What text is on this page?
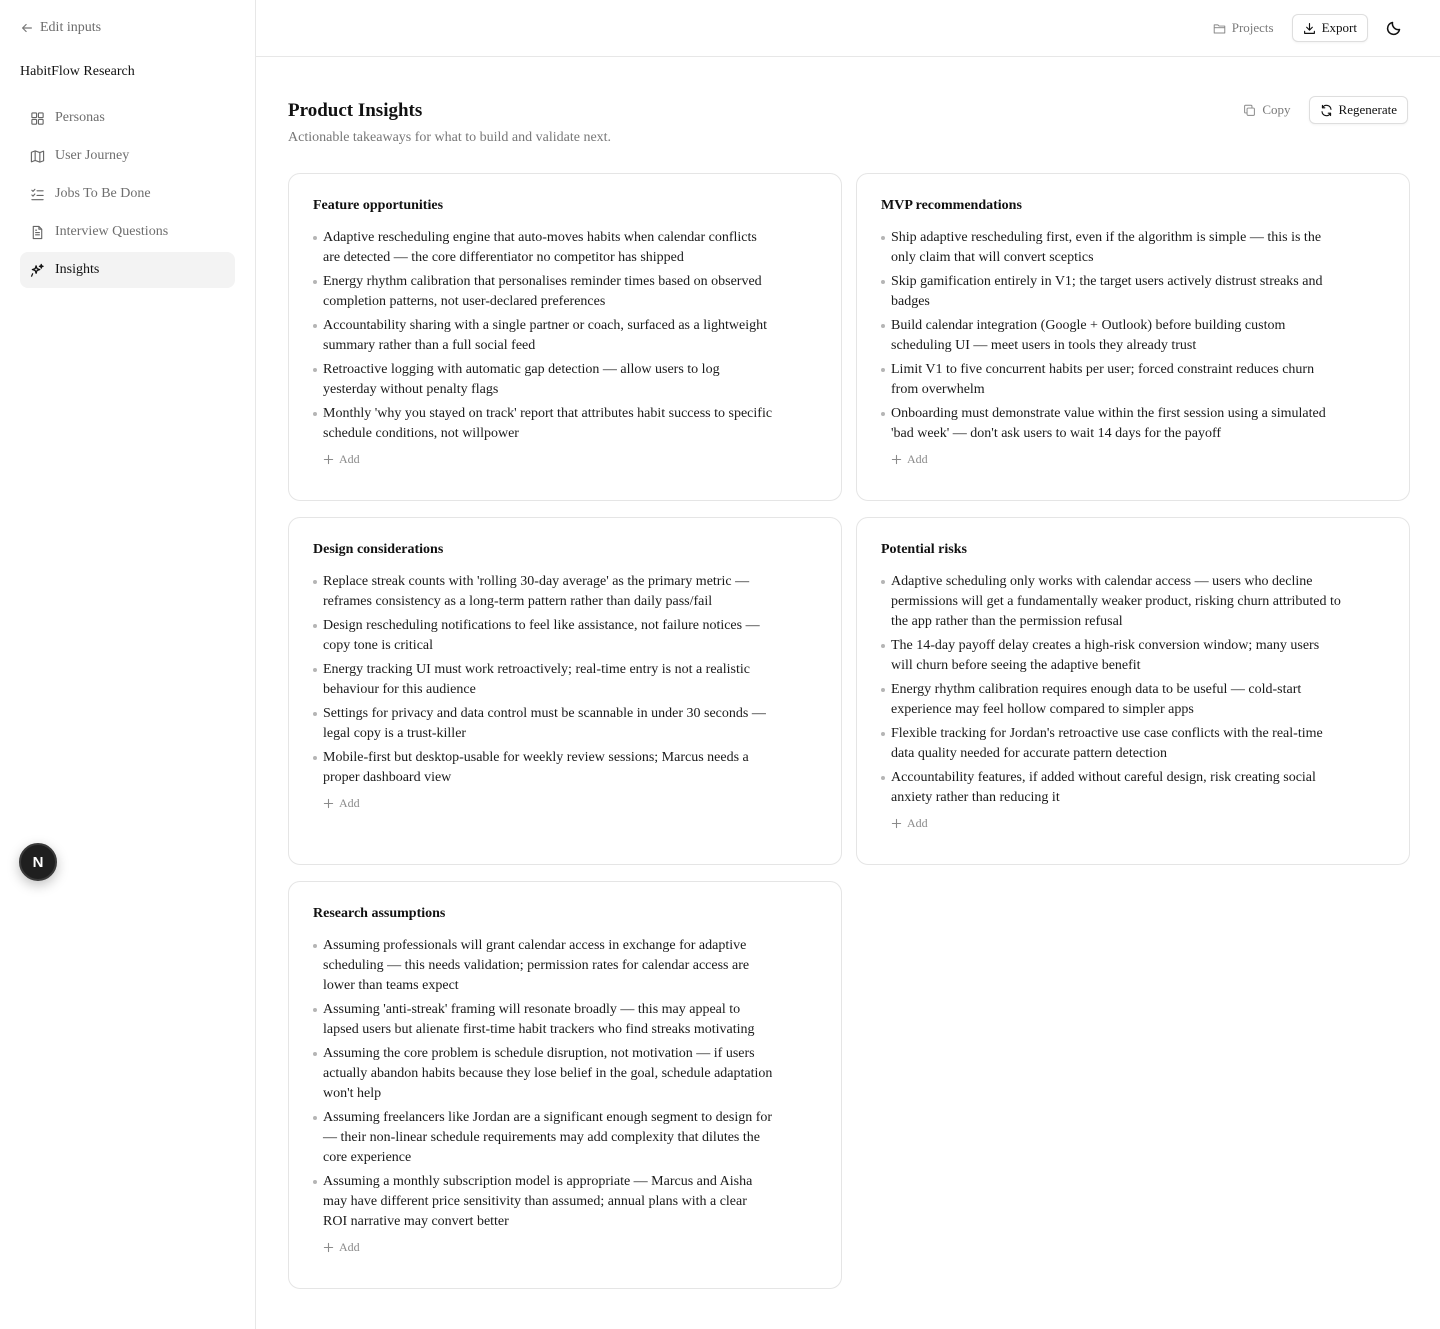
Edit inputs
HabitFlow Research
Personas
User Journey
Jobs To Be Done
Interview Questions
Insights
N
Projects	Export
Product Insights

Actionable takeaways for what to build and validate next.

Copy	Regenerate
Feature opportunities
Adaptive rescheduling engine that auto-moves habits when calendar conflicts are detected — the core differentiator no competitor has shipped
Energy rhythm calibration that personalises reminder times based on observed completion patterns, not user-declared preferences
Accountability sharing with a single partner or coach, surfaced as a lightweight summary rather than a full social feed
Retroactive logging with automatic gap detection — allow users to log yesterday without penalty flags
Monthly 'why you stayed on track' report that attributes habit success to specific schedule conditions, not willpower
Add
MVP recommendations
Ship adaptive rescheduling first, even if the algorithm is simple — this is the only claim that will convert sceptics
Skip gamification entirely in V1; the target users actively distrust streaks and badges
Build calendar integration (Google + Outlook) before building custom scheduling UI — meet users in tools they already trust
Limit V1 to five concurrent habits per user; forced constraint reduces churn from overwhelm
Onboarding must demonstrate value within the first session using a simulated 'bad week' — don't ask users to wait 14 days for the payoff
Add
Design considerations
Replace streak counts with 'rolling 30-day average' as the primary metric — reframes consistency as a long-term pattern rather than daily pass/fail
Design rescheduling notifications to feel like assistance, not failure notices — copy tone is critical
Energy tracking UI must work retroactively; real-time entry is not a realistic behaviour for this audience
Settings for privacy and data control must be scannable in under 30 seconds — legal copy is a trust-killer
Mobile-first but desktop-usable for weekly review sessions; Marcus needs a proper dashboard view
Add
Potential risks
Adaptive scheduling only works with calendar access — users who decline permissions will get a fundamentally weaker product, risking churn attributed to the app rather than the permission refusal
The 14-day payoff delay creates a high-risk conversion window; many users will churn before seeing the adaptive benefit
Energy rhythm calibration requires enough data to be useful — cold-start experience may feel hollow compared to simpler apps
Flexible tracking for Jordan's retroactive use case conflicts with the real-time data quality needed for accurate pattern detection
Accountability features, if added without careful design, risk creating social anxiety rather than reducing it
Add
Research assumptions
Assuming professionals will grant calendar access in exchange for adaptive scheduling — this needs validation; permission rates for calendar access are lower than teams expect
Assuming 'anti-streak' framing will resonate broadly — this may appeal to lapsed users but alienate first-time habit trackers who find streaks motivating
Assuming the core problem is schedule disruption, not motivation — if users actually abandon habits because they lose belief in the goal, schedule adaptation won't help
Assuming freelancers like Jordan are a significant enough segment to design for — their non-linear schedule requirements may add complexity that dilutes the core experience
Assuming a monthly subscription model is appropriate — Marcus and Aisha may have different price sensitivity than assumed; annual plans with a clear ROI narrative may convert better
Add
